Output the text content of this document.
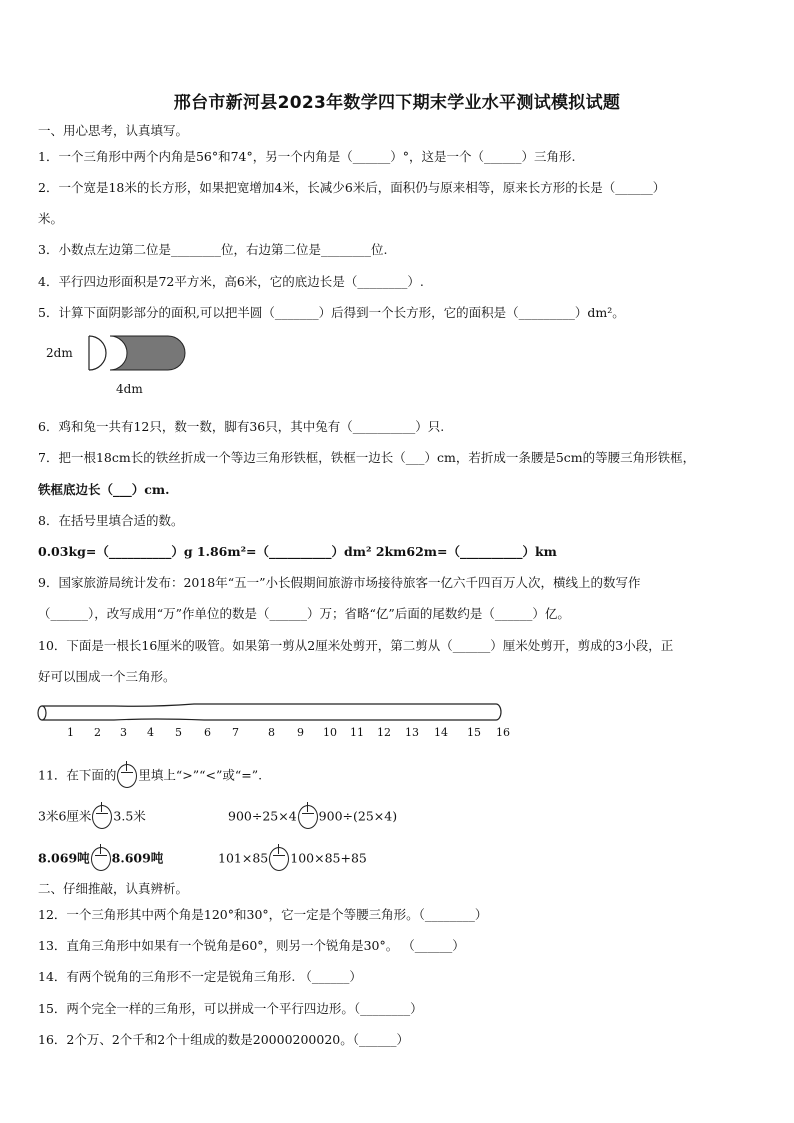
邢台市新河县2023年数学四下期末学业水平测试模拟试题
一、用心思考，认真填写。
1．一个三角形中两个内角是56°和74°，另一个内角是（______）°，这是一个（______）三角形.
2．一个宽是18米的长方形，如果把宽增加4米，长减少6米后，面积仍与原来相等，原来长方形的长是（______）
米。
3．小数点左边第二位是________位，右边第二位是________位.
4．平行四边形面积是72平方米，高6米，它的底边长是（________）.
5．计算下面阴影部分的面积,可以把半圆（_______）后得到一个长方形，它的面积是（_________）dm²。
2dm
4dm
6．鸡和兔一共有12只，数一数，脚有36只，其中兔有（__________）只.
7．把一根18cm长的铁丝折成一个等边三角形铁框，铁框一边长（___）cm，若折成一条腰是5cm的等腰三角形铁框，
铁框底边长（___）cm.
8．在括号里填合适的数。
0.03kg=（__________）g 1.86m²=（__________）dm² 2km62m=（__________）km
9．国家旅游局统计发布：2018年“五一”小长假期间旅游市场接待旅客一亿六千四百万人次，横线上的数写作
（______），改写成用“万”作单位的数是（______）万；省略“亿”后面的尾数约是（______）亿。
10．下面是一根长16厘米的吸管。如果第一剪从2厘米处剪开，第二剪从（______）厘米处剪开，剪成的3小段，正
好可以围成一个三角形。
1 2 3 4 5 6 7	8 9 10 11 12 13 14 15 16
11．在下面的 里填上“>”“<”或“=”.
3米6厘米 3.5米	900÷25×4 900÷(25×4)
8.069吨 8.609吨	101×85 100×85+85
二、仔细推敲，认真辨析。
12．一个三角形其中两个角是120°和30°，它一定是个等腰三角形。（________）
13．直角三角形中如果有一个锐角是60°，则另一个锐角是30°。 （______）
14．有两个锐角的三角形不一定是锐角三角形. （______）
15．两个完全一样的三角形，可以拼成一个平行四边形。（________）
16．2个万、2个千和2个十组成的数是20000200020。（______）
